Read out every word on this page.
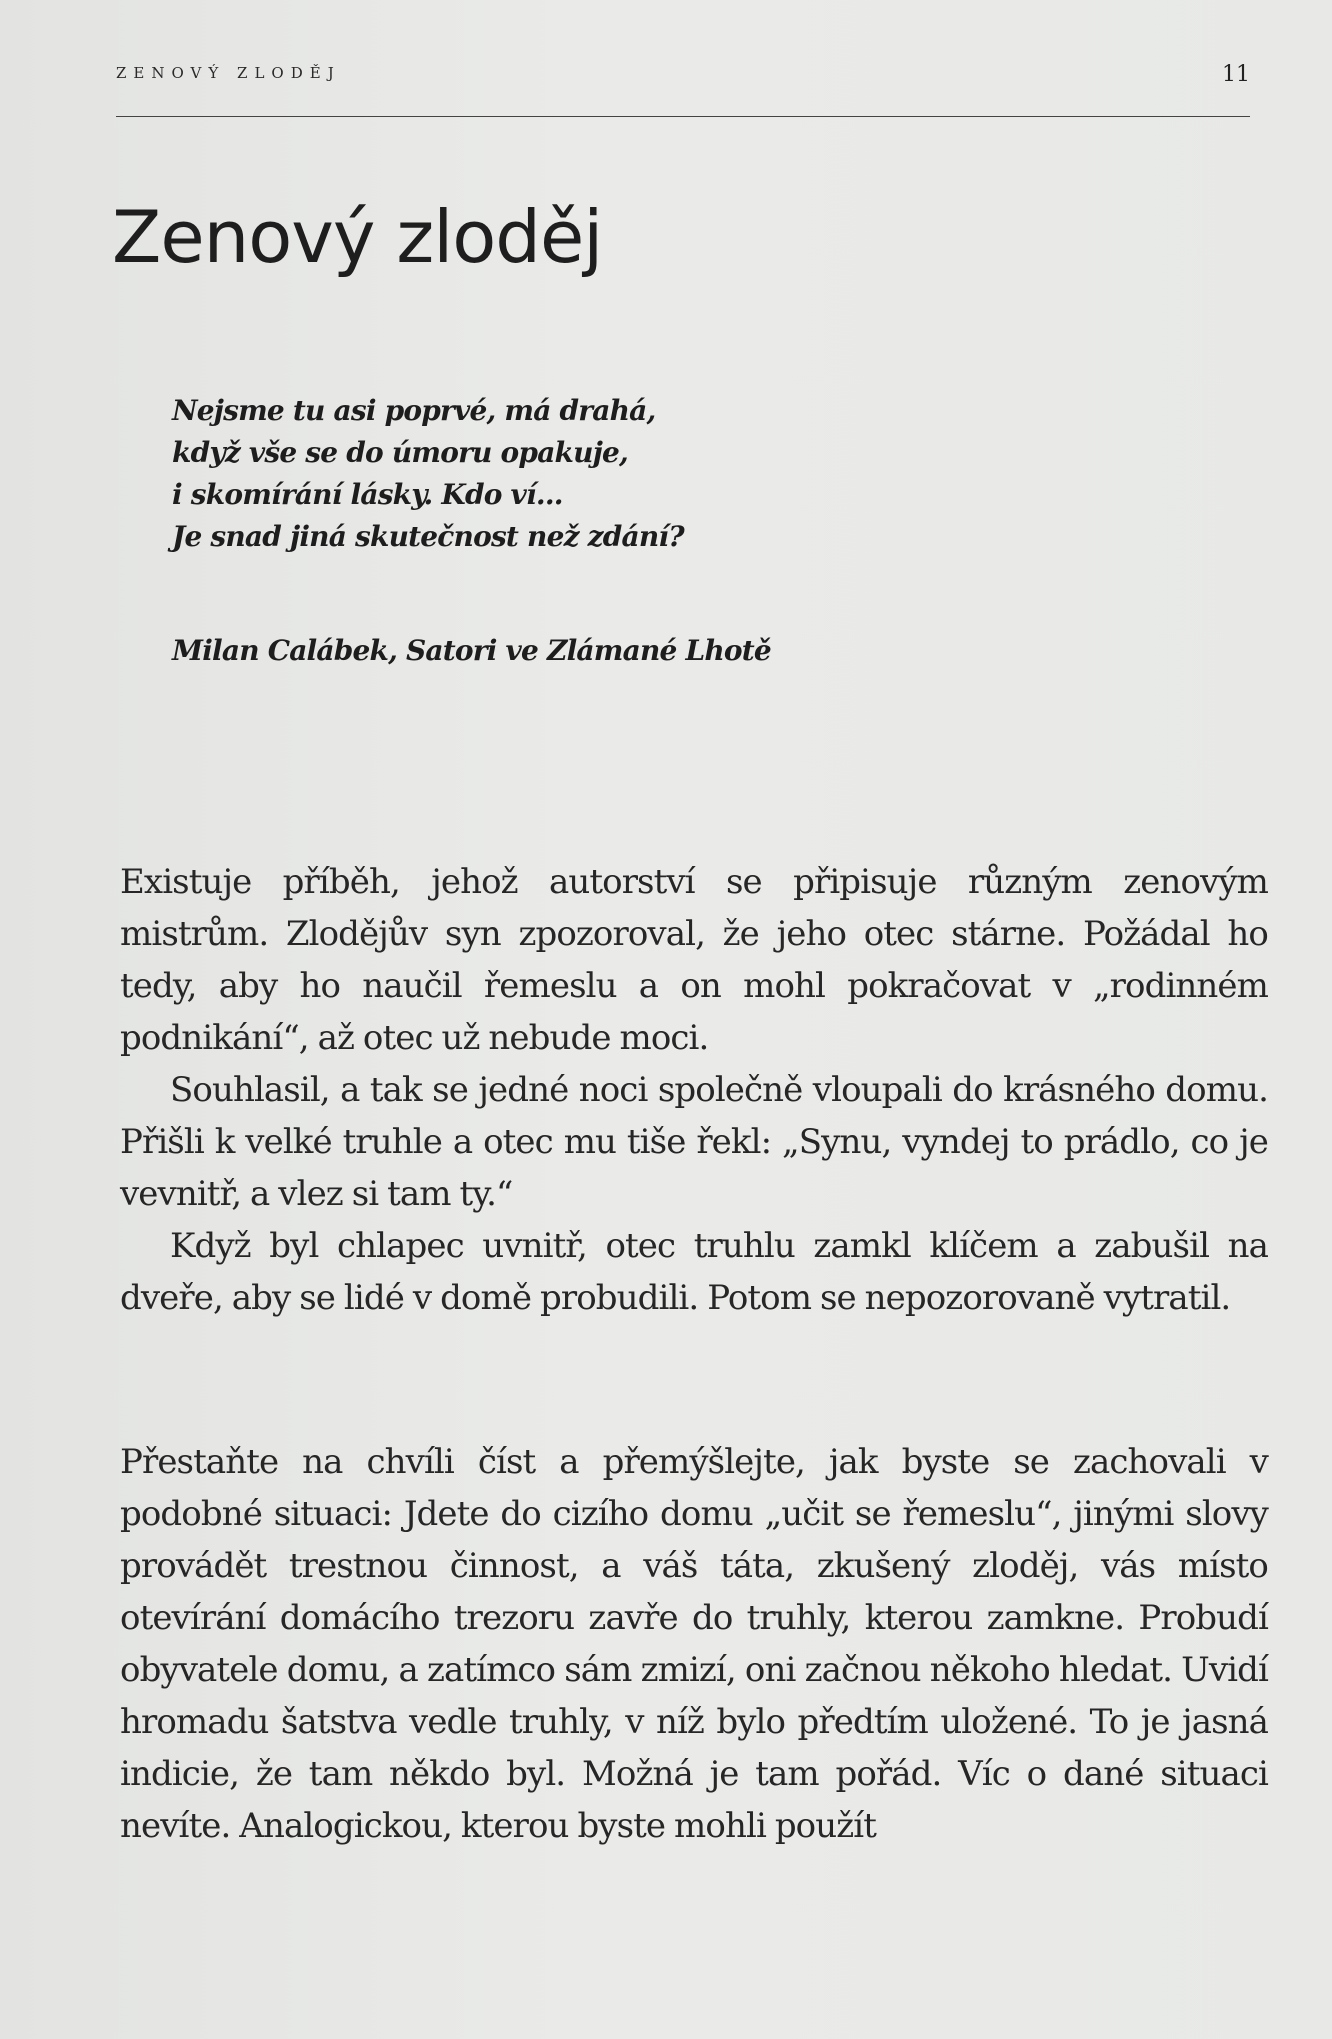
ZENOVÝ ZLODĚJ	11
Zenový zloděj
Nejsme tu asi poprvé, má drahá,
když vše se do úmoru opakuje,
i skomírání lásky. Kdo ví...
Je snad jiná skutečnost než zdání?
Milan Calábek, Satori ve Zlámané Lhotě

Existuje příběh, jehož autorství se připisuje různým zenovým mistrům. Zlodějův syn zpozoroval, že jeho otec stárne. Požádal ho tedy, aby ho naučil řemeslu a on mohl pokračovat v „rodinném podnikání“, až otec už nebude moci.

Souhlasil, a tak se jedné noci společně vloupali do krásného domu. Přišli k velké truhle a otec mu tiše řekl: „Synu, vyndej to prádlo, co je vevnitř, a vlez si tam ty.“

Když byl chlapec uvnitř, otec truhlu zamkl klíčem a zabušil na dveře, aby se lidé v domě probudili. Potom se nepozorovaně vytratil.

Přestaňte na chvíli číst a přemýšlejte, jak byste se zachovali v podobné situaci: Jdete do cizího domu „učit se řemeslu“, jinými slovy provádět trestnou činnost, a váš táta, zkušený zloděj, vás místo otevírání domácího trezoru zavře do truhly, kterou zamkne. Probudí obyvatele domu, a zatímco sám zmizí, oni začnou někoho hledat. Uvidí hromadu šatstva vedle truhly, v níž bylo předtím uložené. To je jasná indicie, že tam někdo byl. Možná je tam pořád. Víc o dané situaci nevíte. Analogickou, kterou byste mohli použít
